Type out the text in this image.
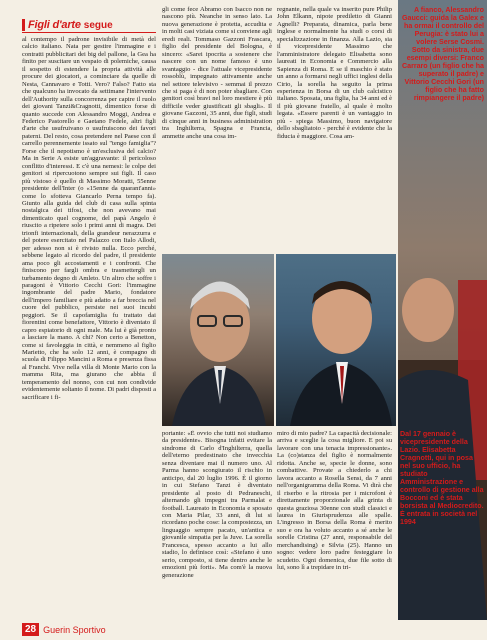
Figli d'arte segue
al contempo il padrone invisibile di metà del calcio italiano. Nata per gestire l'immagine e i contratti pubblicitari dei big del pallone, la Gea ha finito per suscitare un vespaio di polemiche, causa il sospetto di estendere la propria attività alle procure dei giocatori, a cominciare da quelle di Nesta, Cannavaro e Totti. Vero? Falso? Fatto sta che qualcuno ha invocato da settimane l'intervento dell'Authority sulla concorrenza per capire il ruolo dei giovani Tanzi&Cragnotti, dimentico forse di quanto succede con Alessandro Moggi, Andrea e Federico Pastorello e Gaetano Fedele, altri figli d'arte che usufruivano o usufruiscono dei favori paterni. Del resto, cosa pretendere nel Paese con il carrello perennemente issato sul "tengo famiglia"? Forse che il nepotismo è un'esclusiva del calcio? Ma in Serie A esiste un'aggravante: il pericoloso conflitto d'interessi. E c'è una nemesi: le colpe dei genitori si ripercuotono sempre sui figli. Il caso più vistoso è quello di Massimo Moratti, 55enne presidente dell'Inter (o «15enne da quarant'anni» come lo sfotteva Giancarlo Perna tempo fa). Giunto alla guida del club di casa sulla spinta nostalgica dei tifosi, che non avevano mai dimenticato quel cognome, del papà Angelo è riuscito a ripetere solo i primi anni di magra. Dei trionfi internazionali, della grandeur nerazzurra e del potere esercitato nel Palazzo con Italo Allodi, per adesso non si è rivisto nulla. Ecco perché, sebbene legato al ricordo del padre, il presidente ama poco gli accostamenti e i confronti. Che finiscono per fargli ombra e trasmettergli un turbamento degno di Amleto. Un altro che soffre i paragoni è Vittorio Cecchi Gori: l'immagine ingombrante del padre Mario, fondatore dell'impero familiare e più adatto a far breccia nel cuore del pubblico, persiste nei suoi incubi peggiori. Se il capofamiglia fu trattato dai fiorentini come benefattore, Vittorio è diventato il capro espiatorio di ogni male. Ma lui è già pronto a lasciare la mano. A chi? Non certo a Benetton, come si favoleggia in città, e nemmeno al figlio Marietto, che ha solo 12 anni, è compagno di scuola di Filippo Mancini a Roma e presenza fissa al Franchi. Vive nella villa di Monte Mario con la mamma Rita, ma giurano che abbia il temperamento del nonno, con cui non condivide evidentemente soltanto il nome. Di padri disposti a sacrificare i fi-
gli come fece Abramo con Isacco non ne nascono più. Neanche in senso lato. La nuova generazione è protetta, accudita e in molti casi viziata come si conviene agli eredi reali. Tommaso Gazzoni Frascara, figlio del presidente del Bologna, è sincero: «Sarei ipocrita a sostenere che nascere con un nome famoso è uno svantaggio - dice l'attuale vicepresidente rossoblù, impegnato attivamente anche nel settore televisivo - semmai il prezzo che si paga è di non poter sbagliare. Con genitori così bravi nel loro mestiere è più difficile veder giustificati gli sbagli». Il giovane Gazzoni, 35 anni, due figli, studi di cinque anni in business administration tra Inghilterra, Spagna e Francia, ammette anche una cosa im-
regnante, nella quale va inserito pure Philip John Elkann, nipote prediletto di Gianni Agnelli? Preparata, dinamica, parla bene inglese e normalmente ha studi o corsi di specializzazione in finanza. Alla Lazio, sia il vicepresidente Massimo che l'amministratore delegato Elisabetta sono laureati in Economia e Commercio alla Sapienza di Roma. E se il maschio è stato un anno a formarsi negli uffici inglesi della Cirio, la sorella ha seguito la prima esperienza in Borsa di un club calcistico italiano. Sposata, una figlia, ha 34 anni ed è il più giovane fratello, al quale è molto legata. «Essere parenti è un vantaggio in più - spiega Massimo, buon navigatore dello sbagliatoio - perché è evidente che la fiducia è maggiore. Cosa am-
A fianco, Alessandro Gaucci: guida la Galex e ha ormai il controllo del Perugia: è stato lui a volere Serse Cosmi. Sotto da sinistra, due esempi diversi: Franco Carraro (un figlio che ha superato il padre) e Vittorio Cecchi Gori (un figlio che ha fatto rimpiangere il padre)
Dal 17 gennaio è vicepresidente della Lazio. Elisabetta Cragnotti, qui in posa nel suo ufficio, ha studiato Amministrazione e controllo di gestione alla Bocconi ed è stata borsista al Mediocredito. È entrata in società nel 1994
portante: «È ovvio che tutti noi studiamo da presidente». Bisogna infatti evitare la sindrome di Carlo d'Inghilterra, quella dell'eterno predestinato che invecchia senza diventare mai il numero uno. Al Parma hanno scongiurato il rischio in anticipo, dal 20 luglio 1996. È il giorno in cui Stefano Tanzi è diventato presidente al posto di Pedraneschi, alternando gli impegni tra Parmalat e football. Laureato in Economia e sposato con Maria Pilar, 33 anni, di lui si ricordano poche cose: la compostezza, un linguaggio sempre pacato, un'antica e giovanile simpatia per la Juve. La sorella Francesca, spesso accanto a lui allo stadio, lo definisce così: «Stefano è uno serio, composto, si tiene dentro anche le emozioni più forti». Ma com'è la nuova generazione
miro di mio padre? La capacità decisionale: arriva e sceglie la cosa migliore. E poi su lavorare con una tenacia impressionante». La (co)stanza del figlio è normalmente ridotta. Anche se, specie le donne, sono combattive. Provate a chiederlo a chi lavora accanto a Rosella Sensi, da 7 anni nell'organigramma della Roma. Vi dirà che il riserbo e la ritrosia per i microfoni è direttamente proporzionale alla grinta di questa graziosa 30enne con studi classici e laurea in Giurisprudenza alle spalle. L'ingresso in Borsa della Roma è merito suo e ora ha voluto accanto a sé anche le sorelle Cristina (27 anni, responsabile del merchandising) e Silvia (25). Hanno un sogno: vedere loro padre festeggiare lo scudetto. Ogni domenica, due file sotto di lui, sono lì a trepidare in tri-
28 Guerin Sportivo
